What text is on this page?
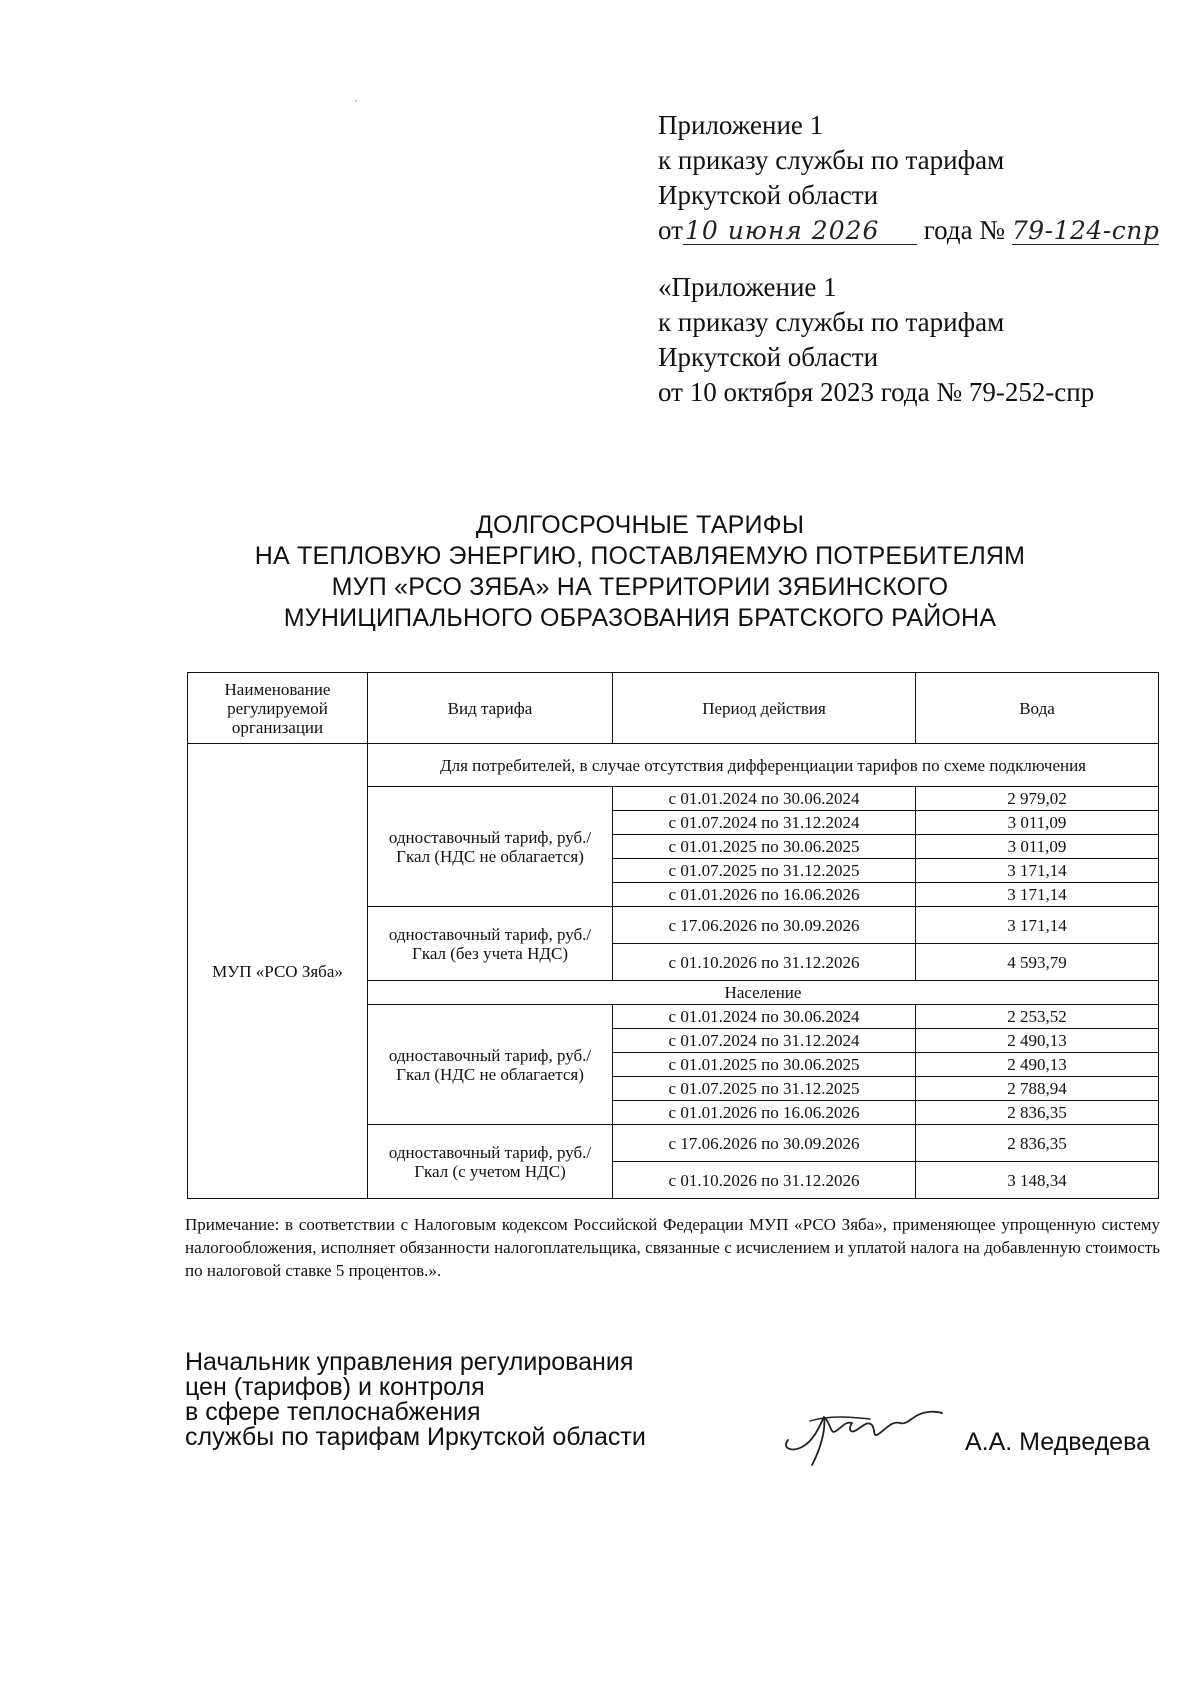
Приложение 1
к приказу службы по тарифам
Иркутской области
от10 июня 2026 года № 79-124-спр
«Приложение 1
к приказу службы по тарифам
Иркутской области
от 10 октября 2023 года № 79-252-спр
ДОЛГОСРОЧНЫЕ ТАРИФЫ
НА ТЕПЛОВУЮ ЭНЕРГИЮ, ПОСТАВЛЯЕМУЮ ПОТРЕБИТЕЛЯМ
МУП «РСО ЗЯБА» НА ТЕРРИТОРИИ ЗЯБИНСКОГО
МУНИЦИПАЛЬНОГО ОБРАЗОВАНИЯ БРАТСКОГО РАЙОНА
Наименование регулируемой организации	Вид тарифа	Период действия	Вода
МУП «РСО Зяба»	Для потребителей, в случае отсутствия дифференциации тарифов по схеме подключения		
	одноставочный тариф, руб./Гкал (НДС не облагается)	с 01.01.2024 по 30.06.2024	2 979,02
		с 01.07.2024 по 31.12.2024	3 011,09
		с 01.01.2025 по 30.06.2025	3 011,09
		с 01.07.2025 по 31.12.2025	3 171,14
		с 01.01.2026 по 16.06.2026	3 171,14
	одноставочный тариф, руб./Гкал (без учета НДС)	с 17.06.2026 по 30.09.2026	3 171,14
		с 01.10.2026 по 31.12.2026	4 593,79
	Население		
	одноставочный тариф, руб./Гкал (НДС не облагается)	с 01.01.2024 по 30.06.2024	2 253,52
		с 01.07.2024 по 31.12.2024	2 490,13
		с 01.01.2025 по 30.06.2025	2 490,13
		с 01.07.2025 по 31.12.2025	2 788,94
		с 01.01.2026 по 16.06.2026	2 836,35
	одноставочный тариф, руб./Гкал (с учетом НДС)	с 17.06.2026 по 30.09.2026	2 836,35
		с 01.10.2026 по 31.12.2026	3 148,34
Примечание: в соответствии с Налоговым кодексом Российской Федерации МУП «РСО Зяба», применяющее упрощенную систему налогообложения, исполняет обязанности налогоплательщика, связанные с исчислением и уплатой налога на добавленную стоимость по налоговой ставке 5 процентов.».
Начальник управления регулирования
цен (тарифов) и контроля
в сфере теплоснабжения
службы по тарифам Иркутской области	А.А. Медведева
